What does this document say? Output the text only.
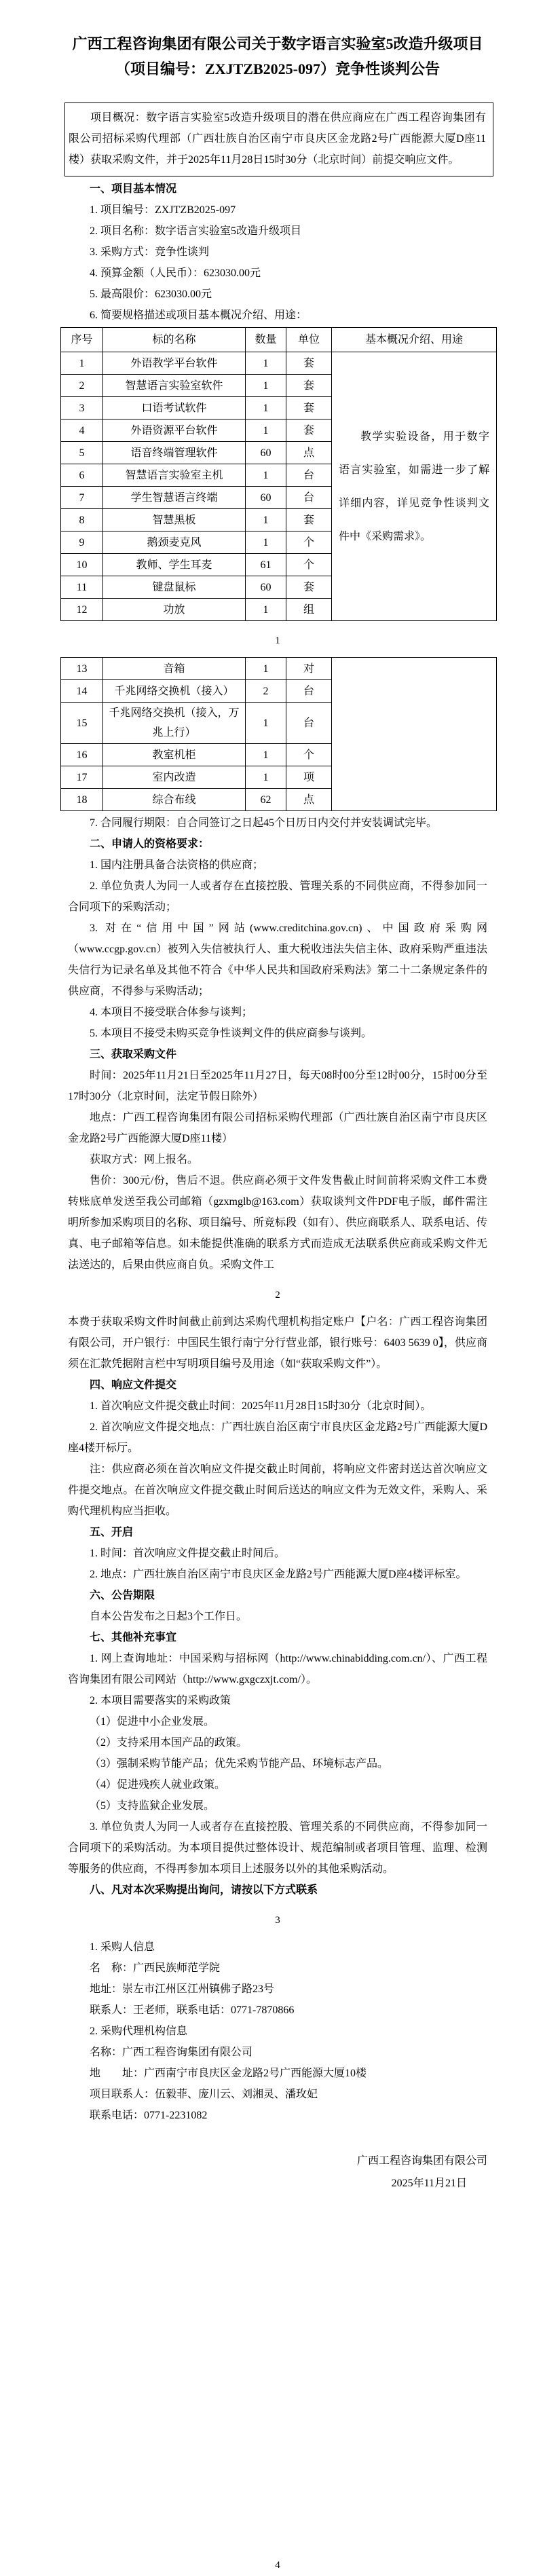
广西工程咨询集团有限公司关于数字语言实验室5改造升级项目
（项目编号：ZXJTZB2025-097）竞争性谈判公告
项目概况：数字语言实验室5改造升级项目的潜在供应商应在广西工程咨询集团有限公司招标采购代理部（广西壮族自治区南宁市良庆区金龙路2号广西能源大厦D座11楼）获取采购文件，并于2025年11月28日15时30分（北京时间）前提交响应文件。
一、项目基本情况
1. 项目编号：ZXJTZB2025-097
2. 项目名称：数字语言实验室5改造升级项目
3. 采购方式：竞争性谈判
4. 预算金额（人民币）：623030.00元
5. 最高限价：623030.00元
6. 简要规格描述或项目基本概况介绍、用途：
序号	标的名称	数量	单位	基本概况介绍、用途
1	外语教学平台软件	1	套	教学实验设备，用于数字语言实验室，如需进一步了解详细内容，详见竞争性谈判文件中《采购需求》。
2	智慧语言实验室软件	1	套	
3	口语考试软件	1	套	
4	外语资源平台软件	1	套	
5	语音终端管理软件	60	点	
6	智慧语言实验室主机	1	台	
7	学生智慧语言终端	60	台	
8	智慧黑板	1	套	
9	鹅颈麦克风	1	个	
10	教师、学生耳麦	61	个	
11	键盘鼠标	60	套	
12	功放	1	组	
1
13	音箱	1	对	
14	千兆网络交换机（接入）	2	台	
15	千兆网络交换机（接入，万兆上行）	1	台	
16	教室机柜	1	个	
17	室内改造	1	项	
18	综合布线	62	点	
7. 合同履行期限：自合同签订之日起45个日历日内交付并安装调试完毕。
二、申请人的资格要求：
1. 国内注册具备合法资格的供应商；
2. 单位负责人为同一人或者存在直接控股、管理关系的不同供应商，不得参加同一合同项下的采购活动；
3. 对在“信用中国”网站(www.creditchina.gov.cn)、中国政府采购网（www.ccgp.gov.cn）被列入失信被执行人、重大税收违法失信主体、政府采购严重违法失信行为记录名单及其他不符合《中华人民共和国政府采购法》第二十二条规定条件的供应商，不得参与采购活动；
4. 本项目不接受联合体参与谈判；
5. 本项目不接受未购买竞争性谈判文件的供应商参与谈判。
三、获取采购文件
时间：2025年11月21日至2025年11月27日，每天08时00分至12时00分，15时00分至17时30分（北京时间，法定节假日除外）
地点：广西工程咨询集团有限公司招标采购代理部（广西壮族自治区南宁市良庆区金龙路2号广西能源大厦D座11楼）
获取方式：网上报名。
售价：300元/份，售后不退。供应商必须于文件发售截止时间前将采购文件工本费转账底单发送至我公司邮箱（gzxmglb@163.com）获取谈判文件PDF电子版，邮件需注明所参加采购项目的名称、项目编号、所竞标段（如有）、供应商联系人、联系电话、传真、电子邮箱等信息。如未能提供准确的联系方式而造成无法联系供应商或采购文件无法送达的，后果由供应商自负。采购文件工
2
本费于获取采购文件时间截止前到达采购代理机构指定账户【户名：广西工程咨询集团有限公司，开户银行：中国民生银行南宁分行营业部，银行账号：6403 5639 0】，供应商须在汇款凭据附言栏中写明项目编号及用途（如“获取采购文件”）。
四、响应文件提交
1. 首次响应文件提交截止时间：2025年11月28日15时30分（北京时间）。
2. 首次响应文件提交地点：广西壮族自治区南宁市良庆区金龙路2号广西能源大厦D座4楼开标厅。
注：供应商必须在首次响应文件提交截止时间前，将响应文件密封送达首次响应文件提交地点。在首次响应文件提交截止时间后送达的响应文件为无效文件，采购人、采购代理机构应当拒收。
五、开启
1. 时间：首次响应文件提交截止时间后。
2. 地点：广西壮族自治区南宁市良庆区金龙路2号广西能源大厦D座4楼评标室。
六、公告期限
自本公告发布之日起3个工作日。
七、其他补充事宜
1. 网上查询地址：中国采购与招标网（http://www.chinabidding.com.cn/）、广西工程咨询集团有限公司网站（http://www.gxgczxjt.com/）。
2. 本项目需要落实的采购政策
（1）促进中小企业发展。
（2）支持采用本国产品的政策。
（3）强制采购节能产品；优先采购节能产品、环境标志产品。
（4）促进残疾人就业政策。
（5）支持监狱企业发展。
3. 单位负责人为同一人或者存在直接控股、管理关系的不同供应商，不得参加同一合同项下的采购活动。为本项目提供过整体设计、规范编制或者项目管理、监理、检测等服务的供应商，不得再参加本项目上述服务以外的其他采购活动。
八、凡对本次采购提出询问，请按以下方式联系
3
1. 采购人信息
名　称：广西民族师范学院
地址：崇左市江州区江州镇佛子路23号
联系人：王老师，联系电话：0771-7870866
2. 采购代理机构信息
名称：广西工程咨询集团有限公司
地　　址：广西南宁市良庆区金龙路2号广西能源大厦10楼
项目联系人：伍毅菲、庞川云、刘湘灵、潘玫妃
联系电话：0771-2231082
广西工程咨询集团有限公司
2025年11月21日
4
